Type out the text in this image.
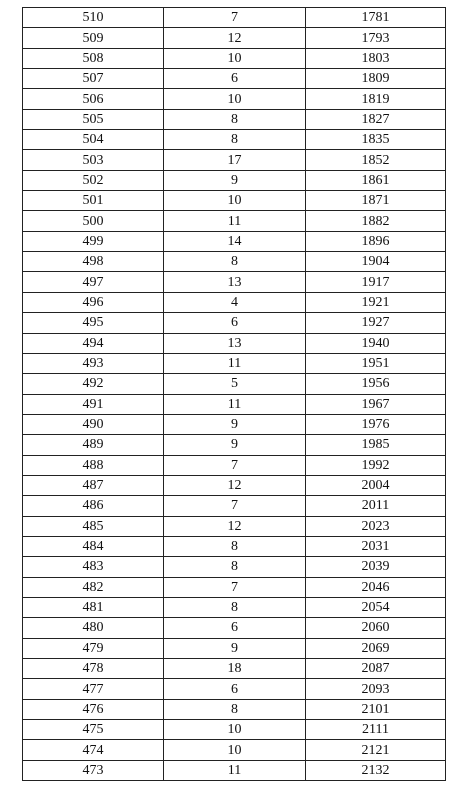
510	7	1781
509	12	1793
508	10	1803
507	6	1809
506	10	1819
505	8	1827
504	8	1835
503	17	1852
502	9	1861
501	10	1871
500	11	1882
499	14	1896
498	8	1904
497	13	1917
496	4	1921
495	6	1927
494	13	1940
493	11	1951
492	5	1956
491	11	1967
490	9	1976
489	9	1985
488	7	1992
487	12	2004
486	7	2011
485	12	2023
484	8	2031
483	8	2039
482	7	2046
481	8	2054
480	6	2060
479	9	2069
478	18	2087
477	6	2093
476	8	2101
475	10	2111
474	10	2121
473	11	2132
